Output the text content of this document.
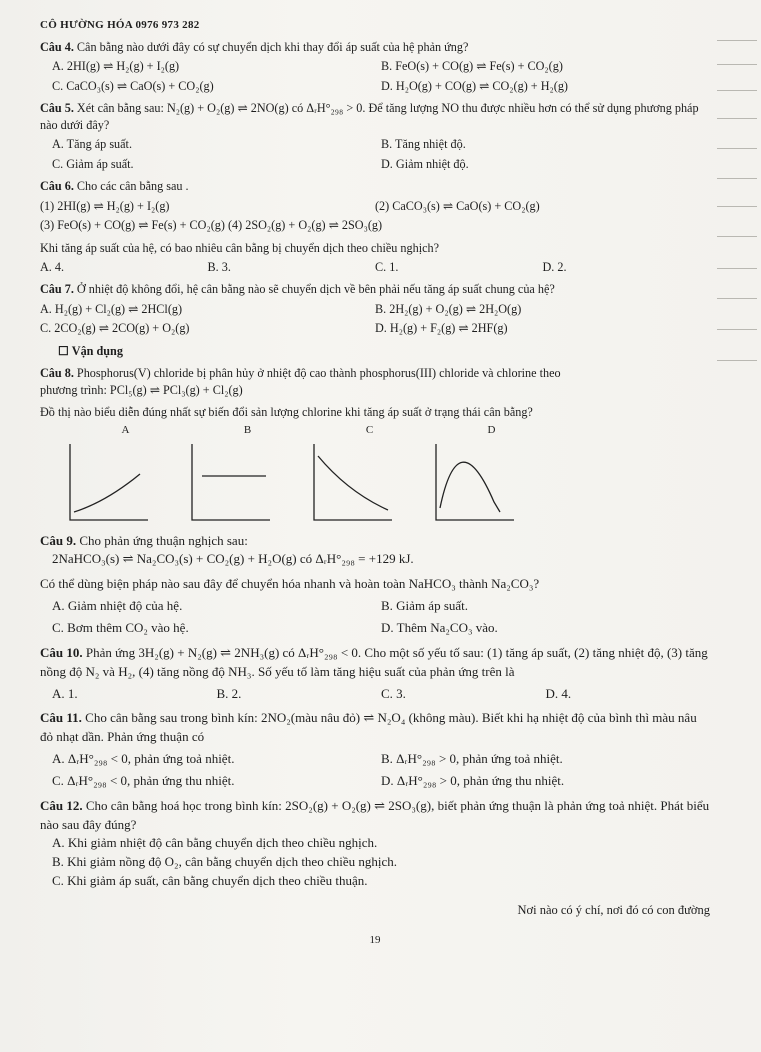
CÔ HƯỜNG HÓA 0976 973 282
Câu 4. Cân bằng nào dưới đây có sự chuyển dịch khi thay đổi áp suất của hệ phản ứng?
A. 2HI(g) ⇌ H₂(g) + I₂(g)	B. FeO(s) + CO(g) ⇌ Fe(s) + CO₂(g)
C. CaCO₃(s) ⇌ CaO(s) + CO₂(g)	D. H₂O(g) + CO(g) ⇌ CO₂(g) + H₂(g)
Câu 5. Xét cân bằng sau: N₂(g) + O₂(g) ⇌ 2NO(g) có ΔᵣH°₂₉₈ > 0. Để tăng lượng NO thu được nhiều hơn có thể sử dụng phương pháp nào dưới đây?
A. Tăng áp suất.	B. Tăng nhiệt độ.
C. Giảm áp suất.	D. Giảm nhiệt độ.
Câu 6. Cho các cân bằng sau .
(1) 2HI(g) ⇌ H₂(g) + I₂(g)	(2) CaCO₃(s) ⇌ CaO(s) + CO₂(g)
(3) FeO(s) + CO(g) ⇌ Fe(s) + CO₂(g) (4) 2SO₂(g) + O₂(g) ⇌ 2SO₃(g)
Khi tăng áp suất của hệ, có bao nhiêu cân bằng bị chuyển dịch theo chiều nghịch?
A. 4.	B. 3.	C. 1.	D. 2.
Câu 7. Ở nhiệt độ không đổi, hệ cân bằng nào sẽ chuyển dịch về bên phải nếu tăng áp suất chung của hệ?
A. H₂(g) + Cl₂(g) ⇌ 2HCl(g)	B. 2H₂(g) + O₂(g) ⇌ 2H₂O(g)
C. 2CO₂(g) ⇌ 2CO(g) + O₂(g)	D. H₂(g) + F₂(g) ⇌ 2HF(g)
☐ Vận dụng
Câu 8. Phosphorus(V) chloride bị phân hủy ở nhiệt độ cao thành phosphorus(III) chloride và chlorine theo
phương trình: PCl₅(g) ⇌ PCl₃(g) + Cl₂(g)
Đồ thị nào biểu diễn đúng nhất sự biến đổi sản lượng chlorine khi tăng áp suất ở trạng thái cân bằng?
A	B	C	D
Câu 9. Cho phản ứng thuận nghịch sau:
2NaHCO₃(s) ⇌ Na₂CO₃(s) + CO₂(g) + H₂O(g) có ΔᵣH°₂₉₈ = +129 kJ.
Có thể dùng biện pháp nào sau đây để chuyển hóa nhanh và hoàn toàn NaHCO₃ thành Na₂CO₃?
A. Giảm nhiệt độ của hệ.	B. Giảm áp suất.
C. Bơm thêm CO₂ vào hệ.	D. Thêm Na₂CO₃ vào.
Câu 10. Phản ứng 3H₂(g) + N₂(g) ⇌ 2NH₃(g) có ΔᵣH°₂₉₈ < 0. Cho một số yếu tố sau: (1) tăng áp suất, (2) tăng nhiệt độ, (3) tăng nồng độ N₂ và H₂, (4) tăng nồng độ NH₃. Số yếu tố làm tăng hiệu suất của phản ứng trên là
A. 1.	B. 2.	C. 3.	D. 4.
Câu 11. Cho cân bằng sau trong bình kín: 2NO₂(màu nâu đỏ) ⇌ N₂O₄ (không màu). Biết khi hạ nhiệt độ của bình thì màu nâu đỏ nhạt dần. Phản ứng thuận có
A. ΔᵣH°₂₉₈ < 0, phản ứng toả nhiệt.	B. ΔᵣH°₂₉₈ > 0, phản ứng toả nhiệt.
C. ΔᵣH°₂₉₈ < 0, phản ứng thu nhiệt.	D. ΔᵣH°₂₉₈ > 0, phản ứng thu nhiệt.
Câu 12. Cho cân bằng hoá học trong bình kín: 2SO₂(g) + O₂(g) ⇌ 2SO₃(g), biết phản ứng thuận là phản ứng toả nhiệt. Phát biểu nào sau đây đúng?
A. Khi giảm nhiệt độ cân bằng chuyển dịch theo chiều nghịch.
B. Khi giảm nồng độ O₂, cân bằng chuyển dịch theo chiều nghịch.
C. Khi giảm áp suất, cân bằng chuyển dịch theo chiều thuận.
Nơi nào có ý chí, nơi đó có con đường
19
